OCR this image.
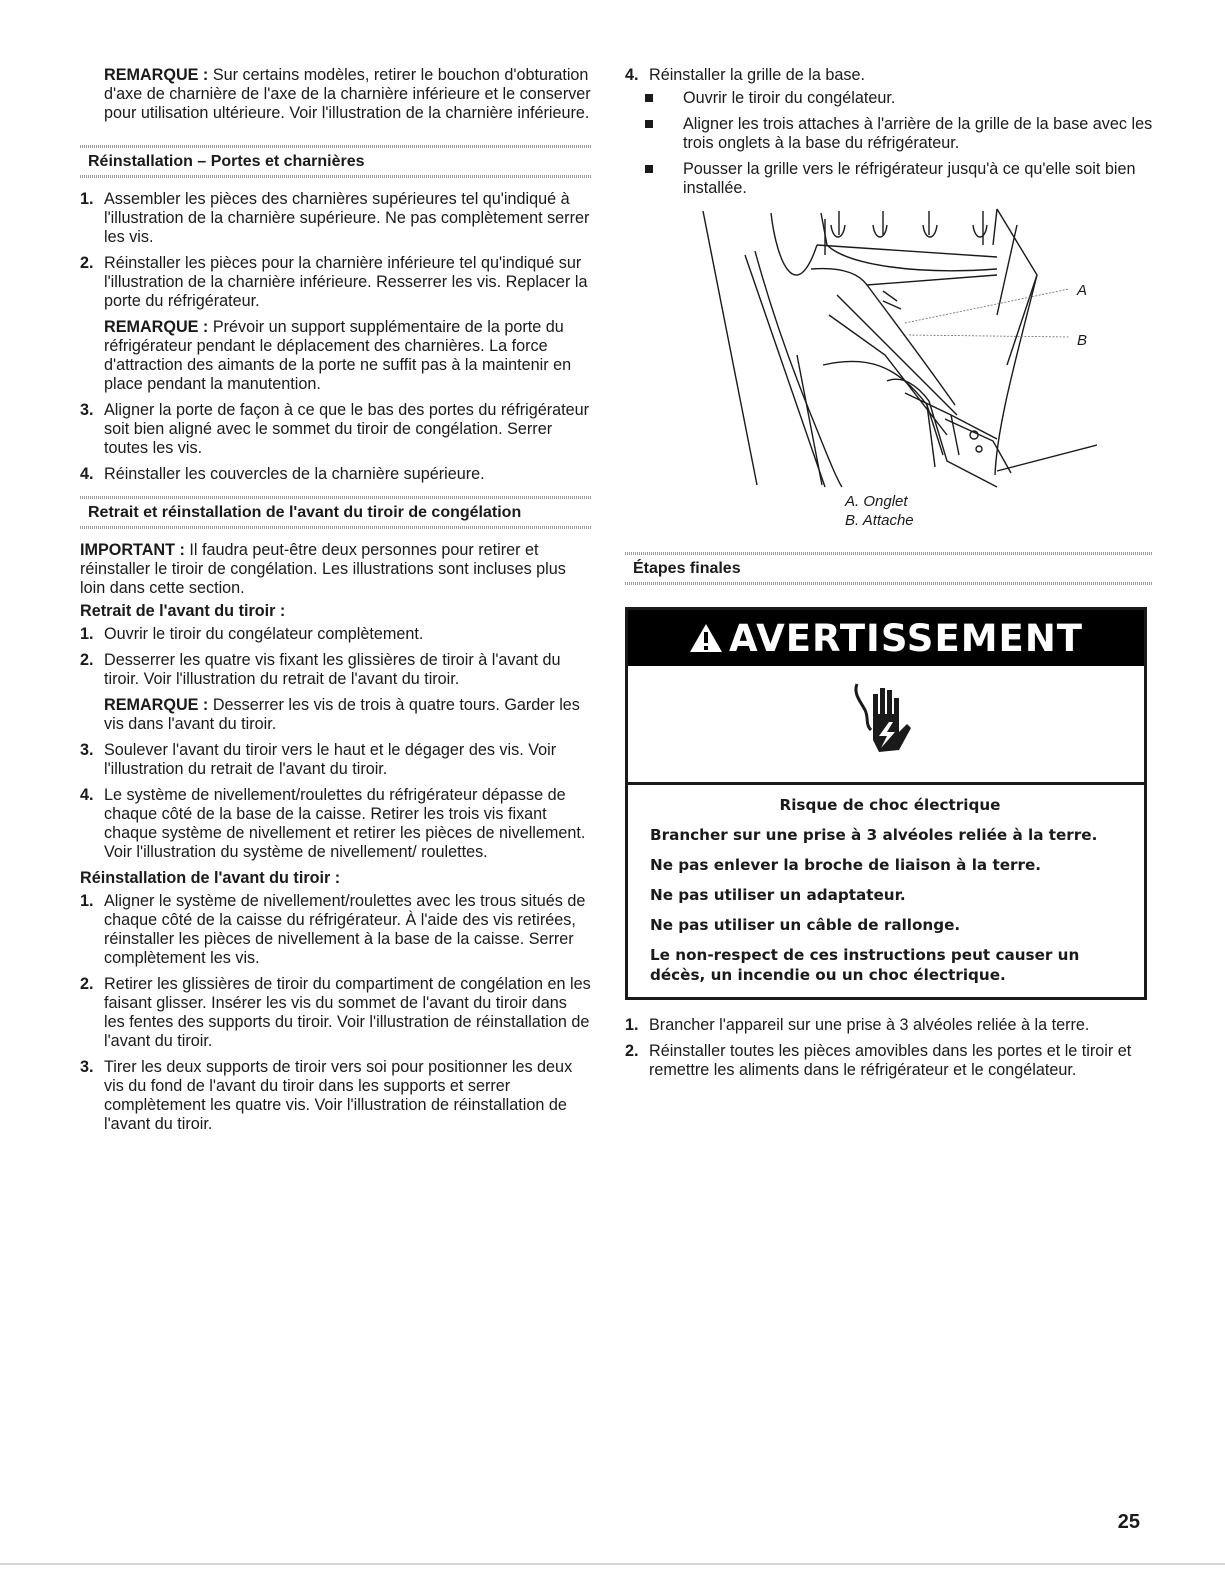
REMARQUE : Sur certains modèles, retirer le bouchon d'obturation d'axe de charnière de l'axe de la charnière inférieure et le conserver pour utilisation ultérieure. Voir l'illustration de la charnière inférieure.

Réinstallation – Portes et charnières
1. Assembler les pièces des charnières supérieures tel qu'indiqué à l'illustration de la charnière supérieure. Ne pas complètement serrer les vis.
2. Réinstaller les pièces pour la charnière inférieure tel qu'indiqué sur l'illustration de la charnière inférieure. Resserrer les vis. Replacer la porte du réfrigérateur.

REMARQUE : Prévoir un support supplémentaire de la porte du réfrigérateur pendant le déplacement des charnières. La force d'attraction des aimants de la porte ne suffit pas à la maintenir en place pendant la manutention.

3. Aligner la porte de façon à ce que le bas des portes du réfrigérateur soit bien aligné avec le sommet du tiroir de congélation. Serrer toutes les vis.
4. Réinstaller les couvercles de la charnière supérieure.
Retrait et réinstallation de l'avant du tiroir de congélation

IMPORTANT : Il faudra peut-être deux personnes pour retirer et réinstaller le tiroir de congélation. Les illustrations sont incluses plus loin dans cette section.

Retrait de l'avant du tiroir :

1. Ouvrir le tiroir du congélateur complètement.
2. Desserrer les quatre vis fixant les glissières de tiroir à l'avant du tiroir. Voir l'illustration du retrait de l'avant du tiroir.

REMARQUE : Desserrer les vis de trois à quatre tours. Garder les vis dans l'avant du tiroir.

3. Soulever l'avant du tiroir vers le haut et le dégager des vis. Voir l'illustration du retrait de l'avant du tiroir.
4. Le système de nivellement/roulettes du réfrigérateur dépasse de chaque côté de la base de la caisse. Retirer les trois vis fixant chaque système de nivellement et retirer les pièces de nivellement. Voir l'illustration du système de nivellement/ roulettes.

Réinstallation de l'avant du tiroir :

1. Aligner le système de nivellement/roulettes avec les trous situés de chaque côté de la caisse du réfrigérateur. À l'aide des vis retirées, réinstaller les pièces de nivellement à la base de la caisse. Serrer complètement les vis.
2. Retirer les glissières de tiroir du compartiment de congélation en les faisant glisser. Insérer les vis du sommet de l'avant du tiroir dans les fentes des supports du tiroir. Voir l'illustration de réinstallation de l'avant du tiroir.
3. Tirer les deux supports de tiroir vers soi pour positionner les deux vis du fond de l'avant du tiroir dans les supports et serrer complètement les quatre vis. Voir l'illustration de réinstallation de l'avant du tiroir.
4. Réinstaller la grille de la base.
Ouvrir le tiroir du congélateur.
Aligner les trois attaches à l'arrière de la grille de la base avec les trois onglets à la base du réfrigérateur.
Pousser la grille vers le réfrigérateur jusqu'à ce qu'elle soit bien installée.
A
B
A. Onglet
B. Attache
Étapes finales
AVERTISSEMENT

Risque de choc électrique

Brancher sur une prise à 3 alvéoles reliée à la terre.

Ne pas enlever la broche de liaison à la terre.

Ne pas utiliser un adaptateur.

Ne pas utiliser un câble de rallonge.

Le non-respect de ces instructions peut causer un décès, un incendie ou un choc électrique.

1. Brancher l'appareil sur une prise à 3 alvéoles reliée à la terre.
2. Réinstaller toutes les pièces amovibles dans les portes et le tiroir et remettre les aliments dans le réfrigérateur et le congélateur.
25
